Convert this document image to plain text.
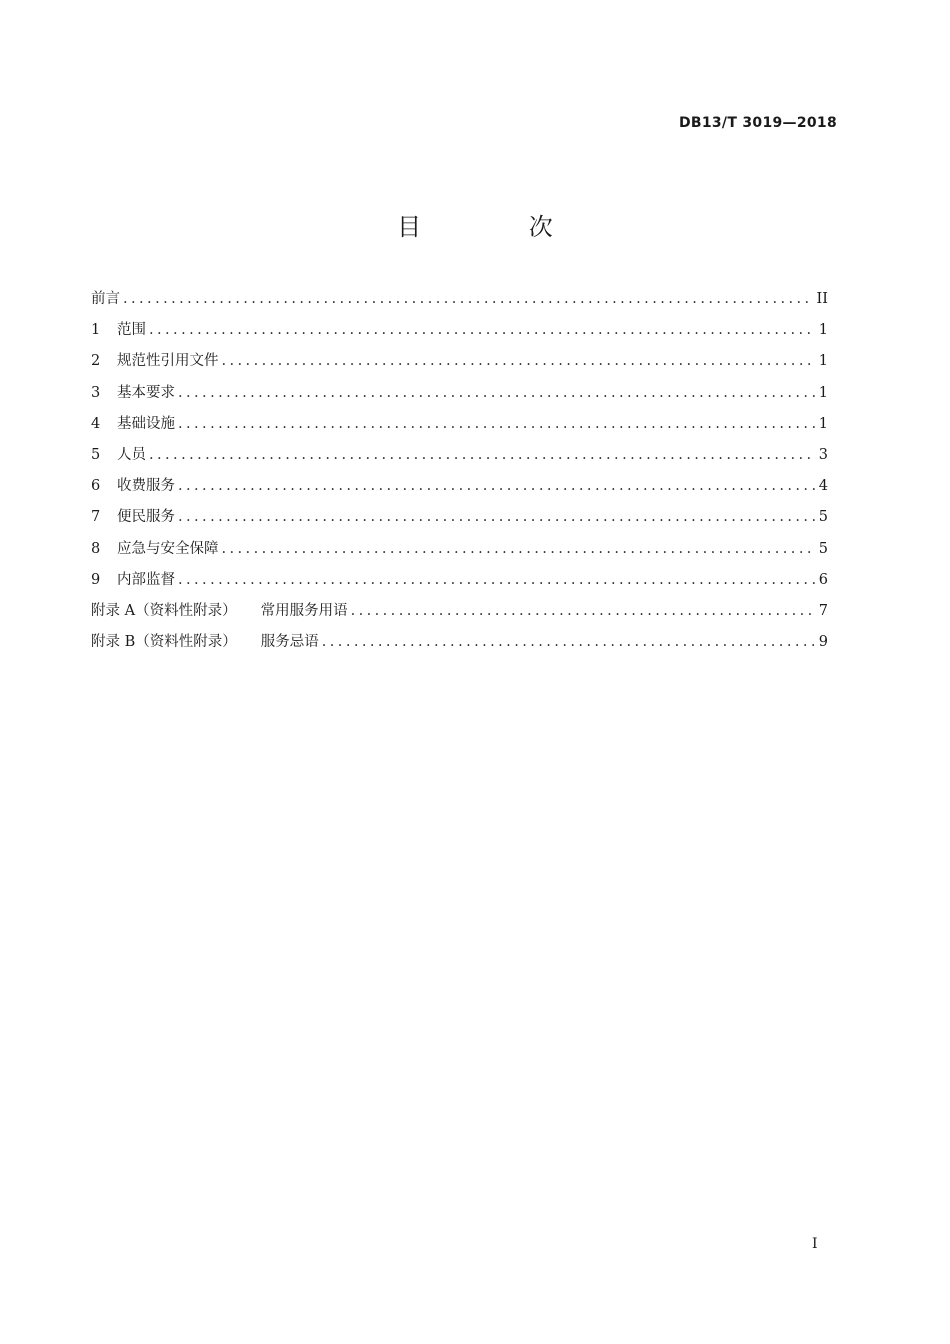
DB13/T 3019—2018
目 次
前言 . . .	II
1	范围 . . .	1
2	规范性引用文件 . . .	1
3	基本要求 . . .	1
4	基础设施 . . .	1
5	人员 . . .	3
6	收费服务 . . .	4
7	便民服务 . . .	5
8	应急与安全保障 . . .	5
9	内部监督 . . .	6
附录 A（资料性附录） 常用服务用语 . . .	7
附录 B（资料性附录） 服务忌语 . . .	9
I
